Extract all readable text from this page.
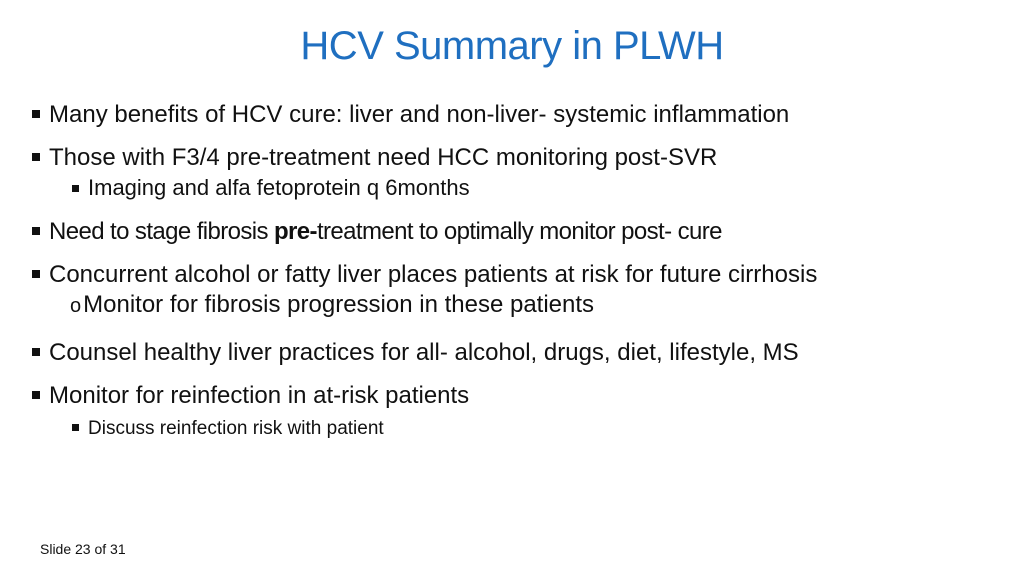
HCV Summary in PLWH
Many benefits of HCV cure: liver and non-liver- systemic inflammation
Those with F3/4 pre-treatment need HCC monitoring post-SVR
Imaging and alfa fetoprotein q 6months
Need to stage fibrosis pre-treatment to optimally monitor post- cure
Concurrent alcohol or fatty liver places patients at risk for future cirrhosis
o Monitor for fibrosis progression in these patients
Counsel healthy liver practices for all- alcohol, drugs, diet, lifestyle, MS
Monitor for reinfection in at-risk patients
Discuss reinfection risk with patient
Slide 23 of 31
